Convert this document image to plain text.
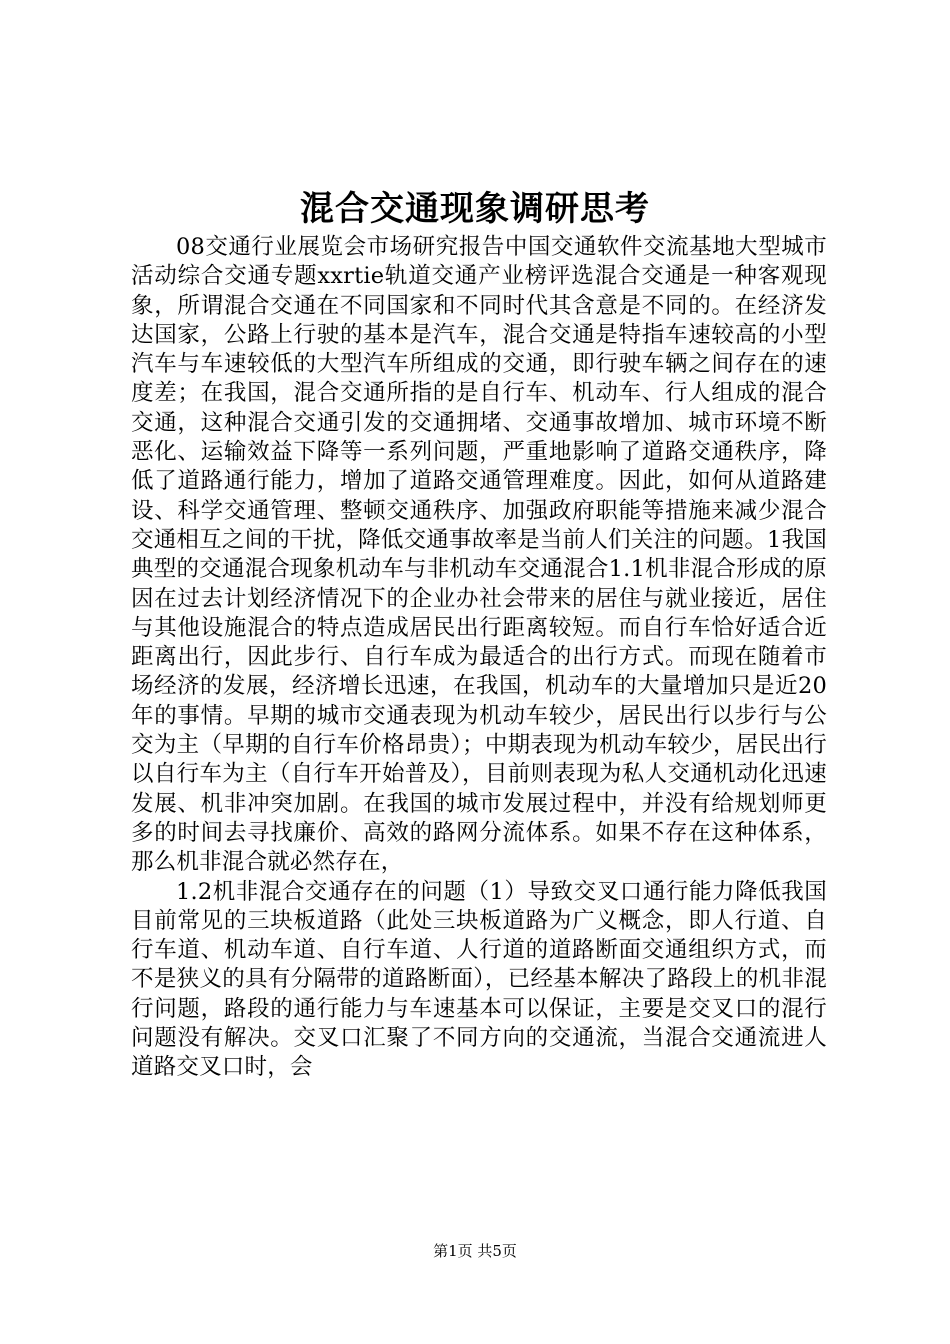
混合交通现象调研思考

08交通行业展览会市场研究报告中国交通软件交流基地大型城市活动综合交通专题xxrtie轨道交通产业榜评选混合交通是一种客观现象，所谓混合交通在不同国家和不同时代其含意是不同的。在经济发达国家，公路上行驶的基本是汽车，混合交通是特指车速较高的小型汽车与车速较低的大型汽车所组成的交通，即行驶车辆之间存在的速度差；在我国，混合交通所指的是自行车、机动车、行人组成的混合交通，这种混合交通引发的交通拥堵、交通事故增加、城市环境不断恶化、运输效益下降等一系列问题，严重地影响了道路交通秩序，降低了道路通行能力，增加了道路交通管理难度。因此，如何从道路建设、科学交通管理、整顿交通秩序、加强政府职能等措施来减少混合交通相互之间的干扰，降低交通事故率是当前人们关注的问题。1我国典型的交通混合现象机动车与非机动车交通混合1.1机非混合形成的原因在过去计划经济情况下的企业办社会带来的居住与就业接近，居住与其他设施混合的特点造成居民出行距离较短。而自行车恰好适合近距离出行，因此步行、自行车成为最适合的出行方式。而现在随着市场经济的发展，经济增长迅速，在我国，机动车的大量增加只是近20年的事情。早期的城市交通表现为机动车较少，居民出行以步行与公交为主（早期的自行车价格昂贵）；中期表现为机动车较少，居民出行以自行车为主（自行车开始普及），目前则表现为私人交通机动化迅速发展、机非冲突加剧。在我国的城市发展过程中，并没有给规划师更多的时间去寻找廉价、高效的路网分流体系。如果不存在这种体系，那么机非混合就必然存在，

1.2机非混合交通存在的问题（1）导致交叉口通行能力降低我国目前常见的三块板道路（此处三块板道路为广义概念，即人行道、自行车道、机动车道、自行车道、人行道的道路断面交通组织方式，而不是狭义的具有分隔带的道路断面），已经基本解决了路段上的机非混行问题，路段的通行能力与车速基本可以保证，主要是交叉口的混行问题没有解决。交叉口汇聚了不同方向的交通流，当混合交通流进人道路交叉口时，会

第1页 共5页
